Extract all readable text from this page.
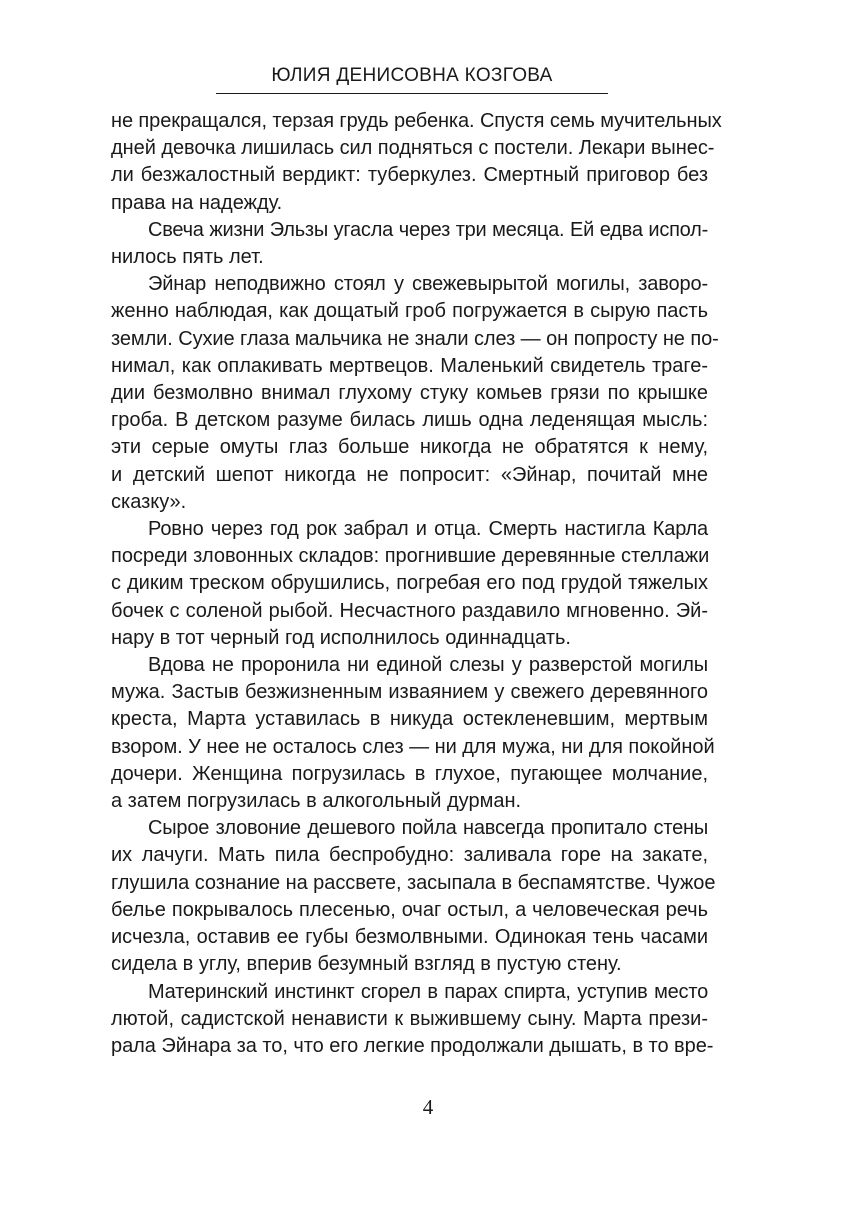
ЮЛИЯ ДЕНИСОВНА КОЗГОВА
не прекращался, терзая грудь ребенка. Спустя семь мучительных
дней девочка лишилась сил подняться с постели. Лекари вынес-
ли безжалостный вердикт: туберкулез. Смертный приговор без
права на надежду.
Свеча жизни Эльзы угасла через три месяца. Ей едва испол-
нилось пять лет.
Эйнар неподвижно стоял у свежевырытой могилы, заворо-
женно наблюдая, как дощатый гроб погружается в сырую пасть
земли. Сухие глаза мальчика не знали слез — он попросту не по-
нимал, как оплакивать мертвецов. Маленький свидетель траге-
дии безмолвно внимал глухому стуку комьев грязи по крышке
гроба. В детском разуме билась лишь одна леденящая мысль:
эти серые омуты глаз больше никогда не обратятся к нему,
и детский шепот никогда не попросит: «Эйнар, почитай мне
сказку».
Ровно через год рок забрал и отца. Смерть настигла Карла
посреди зловонных складов: прогнившие деревянные стеллажи
с диким треском обрушились, погребая его под грудой тяжелых
бочек с соленой рыбой. Несчастного раздавило мгновенно. Эй-
нару в тот черный год исполнилось одиннадцать.
Вдова не проронила ни единой слезы у разверстой могилы
мужа. Застыв безжизненным изваянием у свежего деревянного
креста, Марта уставилась в никуда остекленевшим, мертвым
взором. У нее не осталось слез — ни для мужа, ни для покойной
дочери. Женщина погрузилась в глухое, пугающее молчание,
а затем погрузилась в алкогольный дурман.
Сырое зловоние дешевого пойла навсегда пропитало стены
их лачуги. Мать пила беспробудно: заливала горе на закате,
глушила сознание на рассвете, засыпала в беспамятстве. Чужое
белье покрывалось плесенью, очаг остыл, а человеческая речь
исчезла, оставив ее губы безмолвными. Одинокая тень часами
сидела в углу, вперив безумный взгляд в пустую стену.
Материнский инстинкт сгорел в парах спирта, уступив место
лютой, садистской ненависти к выжившему сыну. Марта прези-
рала Эйнара за то, что его легкие продолжали дышать, в то вре-
4
